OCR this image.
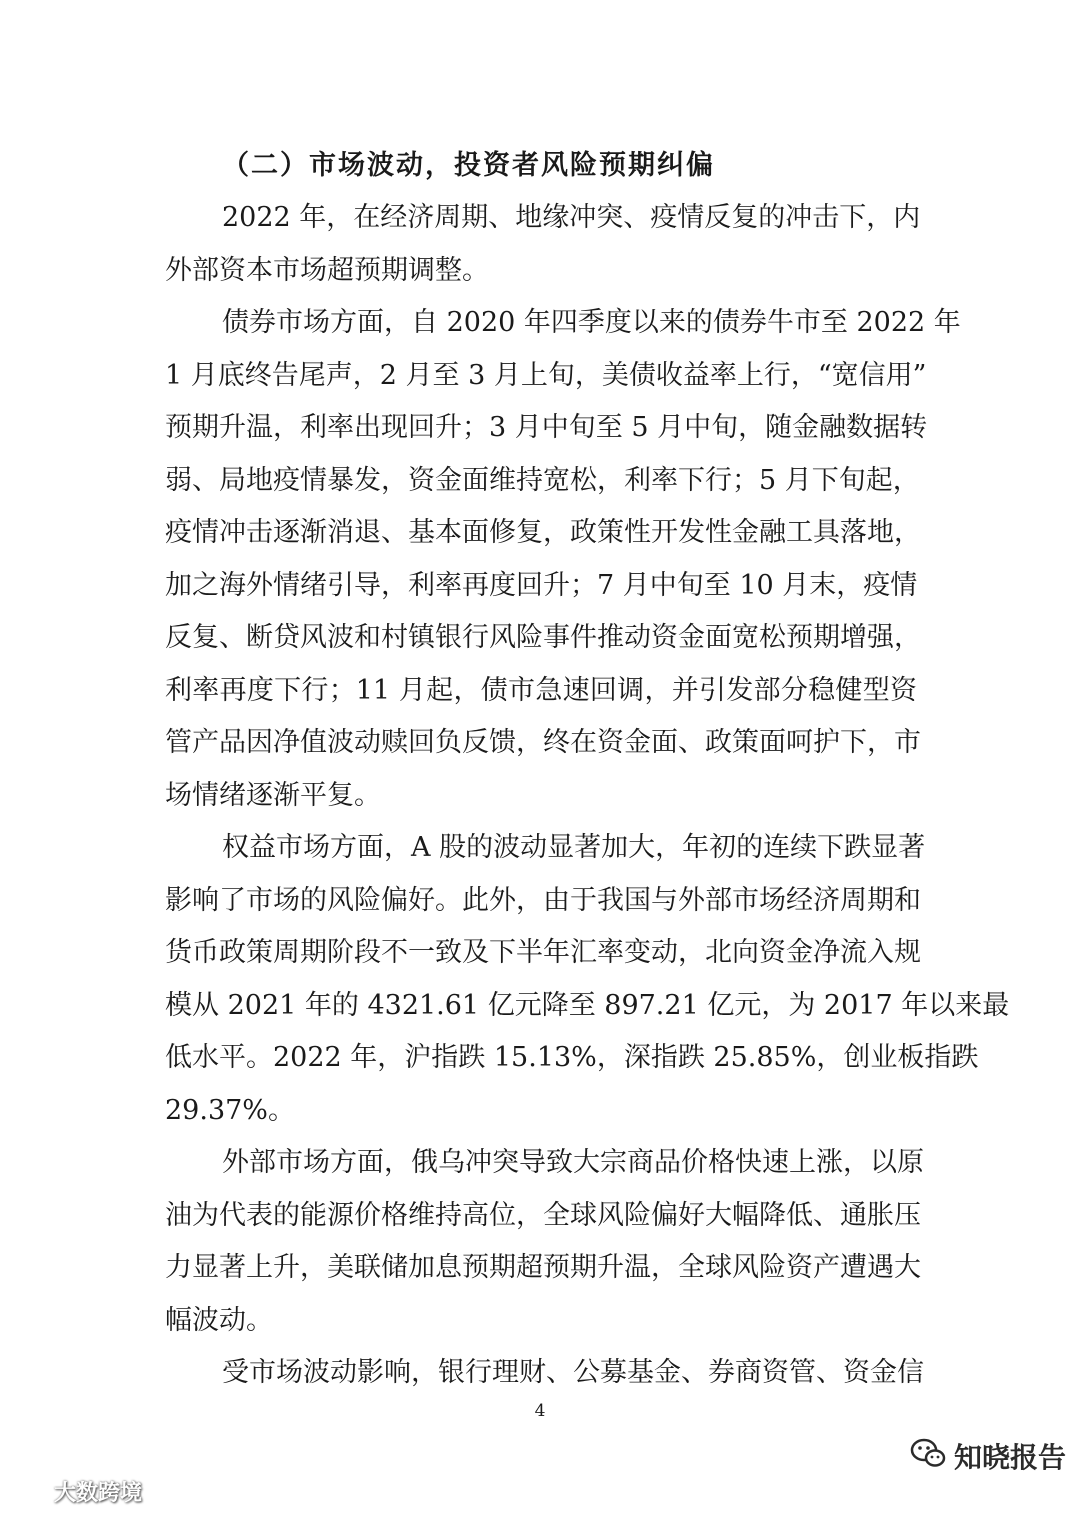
（二）市场波动，投资者风险预期纠偏
2022 年，在经济周期、地缘冲突、疫情反复的冲击下，内
外部资本市场超预期调整。
债券市场方面，自 2020 年四季度以来的债券牛市至 2022 年
1 月底终告尾声，2 月至 3 月上旬，美债收益率上行，“宽信用”
预期升温，利率出现回升；3 月中旬至 5 月中旬，随金融数据转
弱、局地疫情暴发，资金面维持宽松，利率下行；5 月下旬起，
疫情冲击逐渐消退、基本面修复，政策性开发性金融工具落地，
加之海外情绪引导，利率再度回升；7 月中旬至 10 月末，疫情
反复、断贷风波和村镇银行风险事件推动资金面宽松预期增强，
利率再度下行；11 月起，债市急速回调，并引发部分稳健型资
管产品因净值波动赎回负反馈，终在资金面、政策面呵护下，市
场情绪逐渐平复。
权益市场方面，A 股的波动显著加大，年初的连续下跌显著
影响了市场的风险偏好。此外，由于我国与外部市场经济周期和
货币政策周期阶段不一致及下半年汇率变动，北向资金净流入规
模从 2021 年的 4321.61 亿元降至 897.21 亿元，为 2017 年以来最
低水平。2022 年，沪指跌 15.13%，深指跌 25.85%，创业板指跌
29.37%。
外部市场方面，俄乌冲突导致大宗商品价格快速上涨，以原
油为代表的能源价格维持高位，全球风险偏好大幅降低、通胀压
力显著上升，美联储加息预期超预期升温，全球风险资产遭遇大
幅波动。
受市场波动影响，银行理财、公募基金、券商资管、资金信
4
大数跨境
知晓报告
